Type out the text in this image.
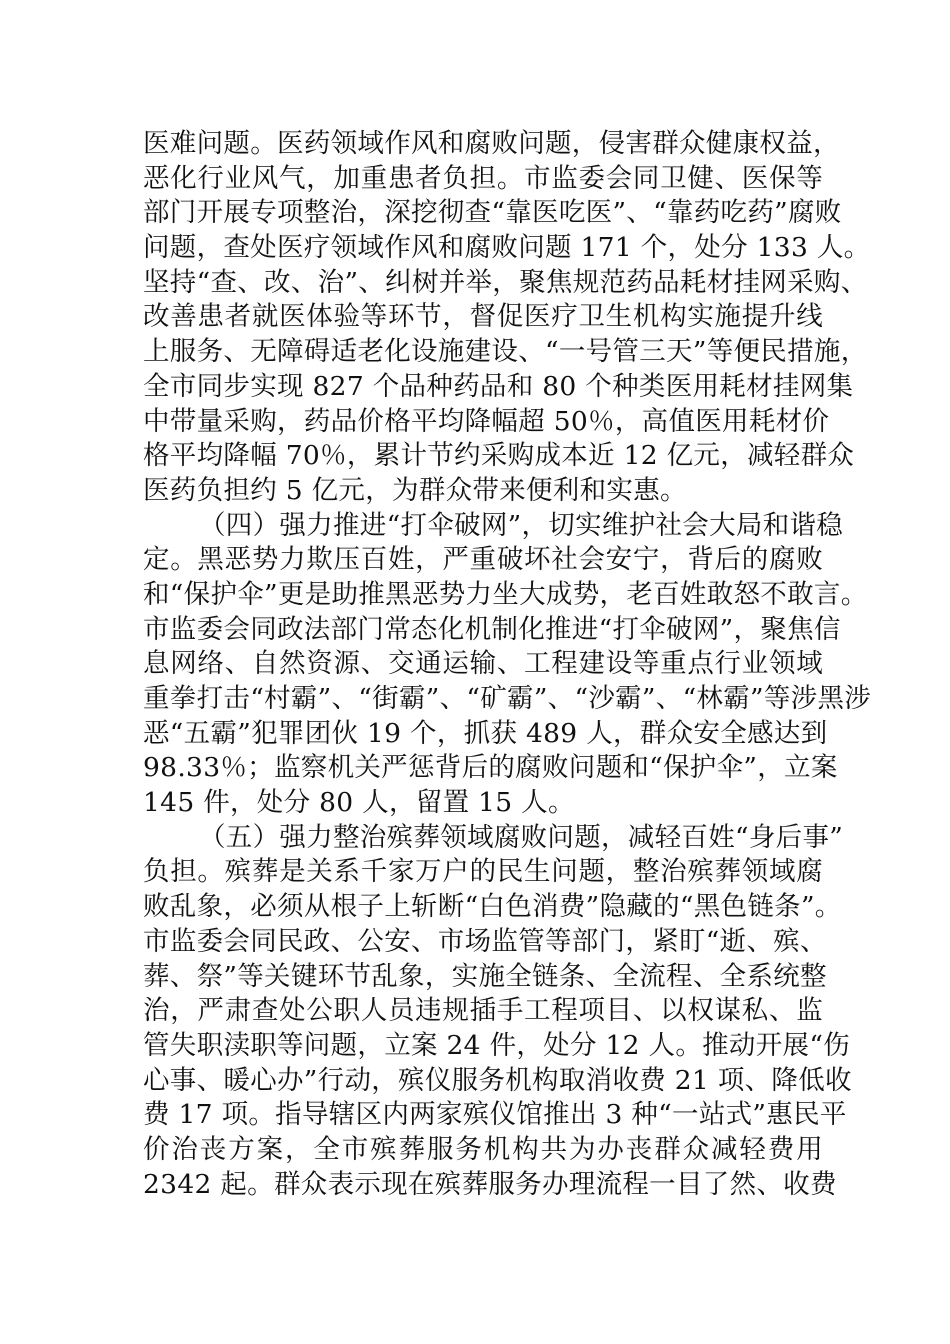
医难问题。医药领域作风和腐败问题，侵害群众健康权益，
恶化行业风气，加重患者负担。市监委会同卫健、医保等
部门开展专项整治，深挖彻查“靠医吃医”、“靠药吃药”腐败
问题，查处医疗领域作风和腐败问题 171 个，处分 133 人。
坚持“查、改、治”、纠树并举，聚焦规范药品耗材挂网采购、
改善患者就医体验等环节，督促医疗卫生机构实施提升线
上服务、无障碍适老化设施建设、“一号管三天”等便民措施，
全市同步实现 827 个品种药品和 80 个种类医用耗材挂网集
中带量采购，药品价格平均降幅超 50％，高值医用耗材价
格平均降幅 70％，累计节约采购成本近 12 亿元，减轻群众
医药负担约 5 亿元，为群众带来便利和实惠。
（四）强力推进“打伞破网”，切实维护社会大局和谐稳
定。黑恶势力欺压百姓，严重破坏社会安宁，背后的腐败
和“保护伞”更是助推黑恶势力坐大成势，老百姓敢怒不敢言。
市监委会同政法部门常态化机制化推进“打伞破网”，聚焦信
息网络、自然资源、交通运输、工程建设等重点行业领域
重拳打击“村霸”、“街霸”、“矿霸”、“沙霸”、“林霸”等涉黑涉
恶“五霸”犯罪团伙 19 个，抓获 489 人，群众安全感达到
98.33％；监察机关严惩背后的腐败问题和“保护伞”，立案
145 件，处分 80 人，留置 15 人。
（五）强力整治殡葬领域腐败问题，减轻百姓“身后事”
负担。殡葬是关系千家万户的民生问题，整治殡葬领域腐
败乱象，必须从根子上斩断“白色消费”隐藏的“黑色链条”。
市监委会同民政、公安、市场监管等部门，紧盯“逝、殡、
葬、祭”等关键环节乱象，实施全链条、全流程、全系统整
治，严肃查处公职人员违规插手工程项目、以权谋私、监
管失职渎职等问题，立案 24 件，处分 12 人。推动开展“伤
心事、暖心办”行动，殡仪服务机构取消收费 21 项、降低收
费 17 项。指导辖区内两家殡仪馆推出 3 种“一站式”惠民平
价治丧方案，全市殡葬服务机构共为办丧群众减轻费用
2342 起。群众表示现在殡葬服务办理流程一目了然、收费
